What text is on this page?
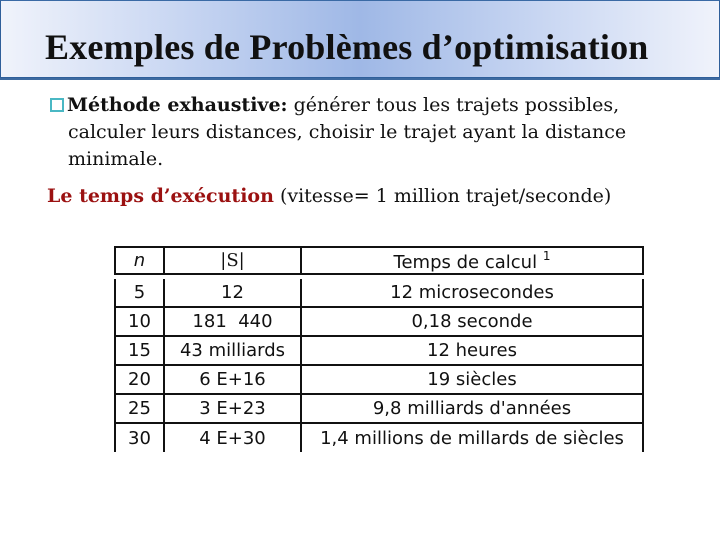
Exemples de Problèmes d’optimisation
Méthode exhaustive: générer tous les trajets possibles,
calculer leurs distances, choisir le trajet ayant la distance
minimale.
Le temps d’exécution (vitesse= 1 million trajet/seconde)
n	|S|	Temps de calcul $^1$

5	12	12 microsecondes
10	181  440	0,18 seconde
15	43 milliards	12 heures
20	6 E+16	19 siècles
25	3 E+23	9,8 milliards d'années
30	4 E+30	1,4 millions de millards de siècles
